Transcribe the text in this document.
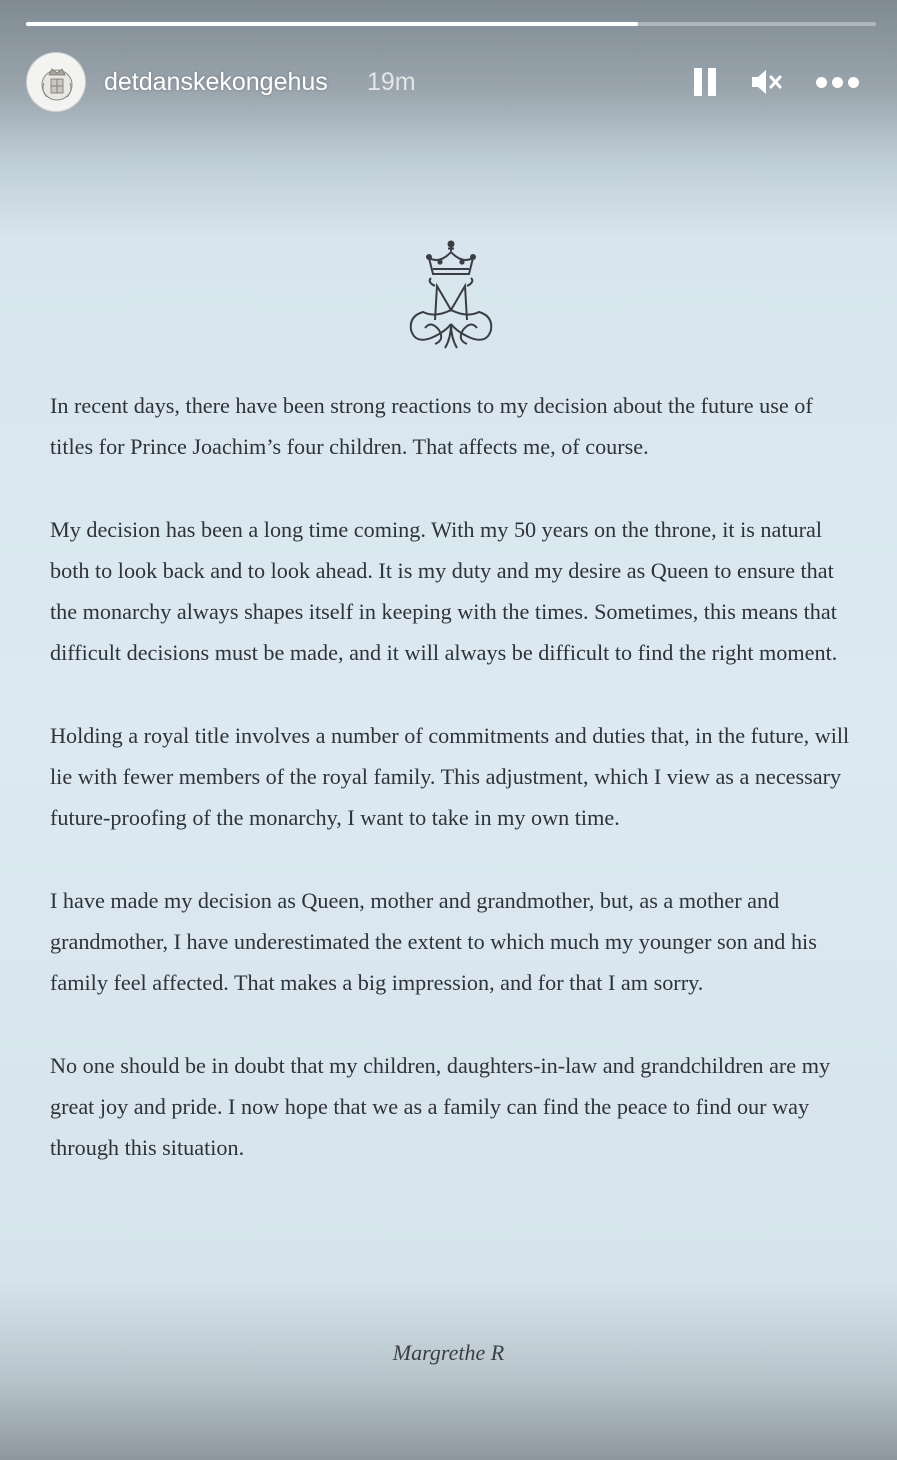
detdanskekongehus 19m

In recent days, there have been strong reactions to my decision about the future use of titles for Prince Joachim’s four children. That affects me, of course.

My decision has been a long time coming. With my 50 years on the throne, it is natural both to look back and to look ahead. It is my duty and my desire as Queen to ensure that the monarchy always shapes itself in keeping with the times. Sometimes, this means that difficult decisions must be made, and it will always be difficult to find the right moment.

Holding a royal title involves a number of commitments and duties that, in the future, will lie with fewer members of the royal family. This adjustment, which I view as a necessary future-proofing of the monarchy, I want to take in my own time.

I have made my decision as Queen, mother and grandmother, but, as a mother and grandmother, I have underestimated the extent to which much my younger son and his family feel affected. That makes a big impression, and for that I am sorry.

No one should be in doubt that my children, daughters-in-law and grandchildren are my great joy and pride. I now hope that we as a family can find the peace to find our way through this situation.

Margrethe R
